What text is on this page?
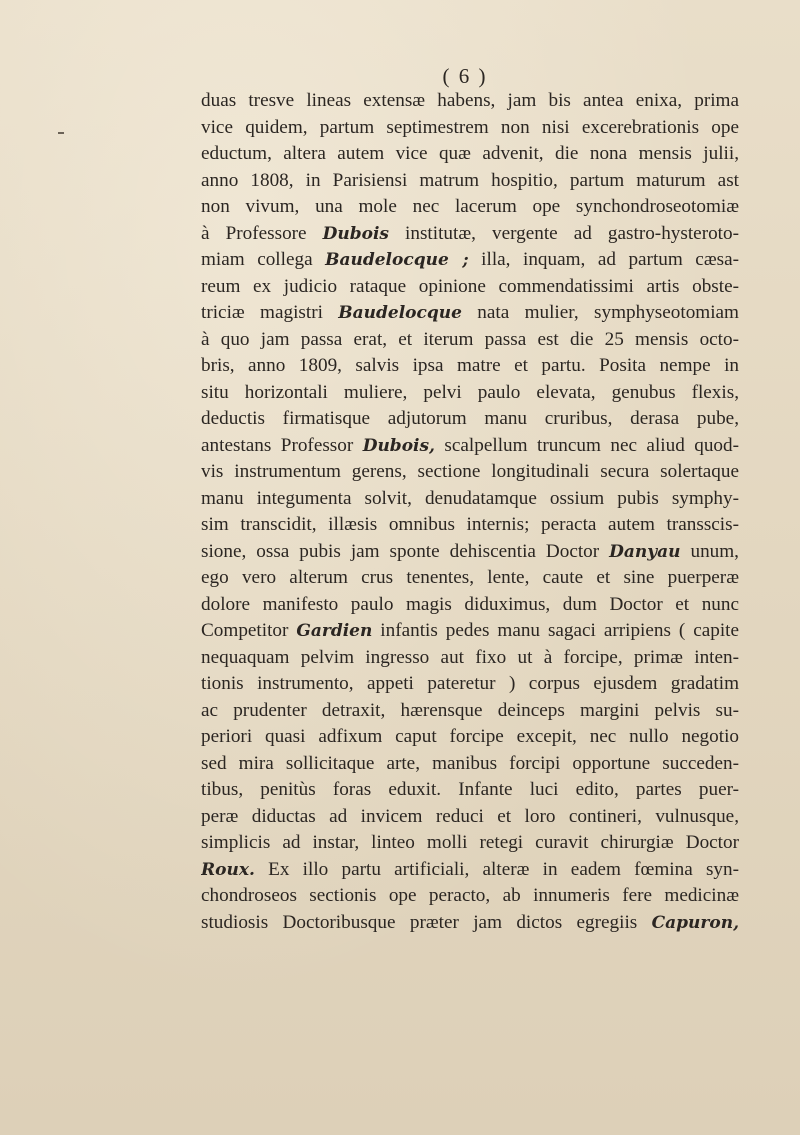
( 6 )
duas tresve lineas extensæ habens, jam bis antea enixa, prima
vice quidem, partum septimestrem non nisi excerebrationis ope
eductum, altera autem vice quæ advenit, die nona mensis julii,
anno 1808, in Parisiensi matrum hospitio, partum maturum ast
non vivum, una mole nec lacerum ope synchondroseotomiæ
à Professore Dubois institutæ, vergente ad gastro-hysteroto-
miam collega Baudelocque ; illa, inquam, ad partum cæsa-
reum ex judicio rataque opinione commendatissimi artis obste-
triciæ magistri Baudelocque nata mulier, symphyseotomiam
à quo jam passa erat, et iterum passa est die 25 mensis octo-
bris, anno 1809, salvis ipsa matre et partu. Posita nempe in
situ horizontali muliere, pelvi paulo elevata, genubus flexis,
deductis firmatisque adjutorum manu cruribus, derasa pube,
antestans Professor Dubois, scalpellum truncum nec aliud quod-
vis instrumentum gerens, sectione longitudinali secura solertaque
manu integumenta solvit, denudatamque ossium pubis symphy-
sim transcidit, illæsis omnibus internis; peracta autem transscis-
sione, ossa pubis jam sponte dehiscentia Doctor Danyau unum,
ego vero alterum crus tenentes, lente, caute et sine puerperæ
dolore manifesto paulo magis diduximus, dum Doctor et nunc
Competitor Gardien infantis pedes manu sagaci arripiens ( capite
nequaquam pelvim ingresso aut fixo ut à forcipe, primæ inten-
tionis instrumento, appeti pateretur ) corpus ejusdem gradatim
ac prudenter detraxit, hærensque deinceps margini pelvis su-
periori quasi adfixum caput forcipe excepit, nec nullo negotio
sed mira sollicitaque arte, manibus forcipi opportune succeden-
tibus, penitùs foras eduxit. Infante luci edito, partes puer-
peræ diductas ad invicem reduci et loro contineri, vulnusque,
simplicis ad instar, linteo molli retegi curavit chirurgiæ Doctor
Roux. Ex illo partu artificiali, alteræ in eadem fœmina syn-
chondroseos sectionis ope peracto, ab innumeris fere medicinæ
studiosis Doctoribusque præter jam dictos egregiis Capuron,
